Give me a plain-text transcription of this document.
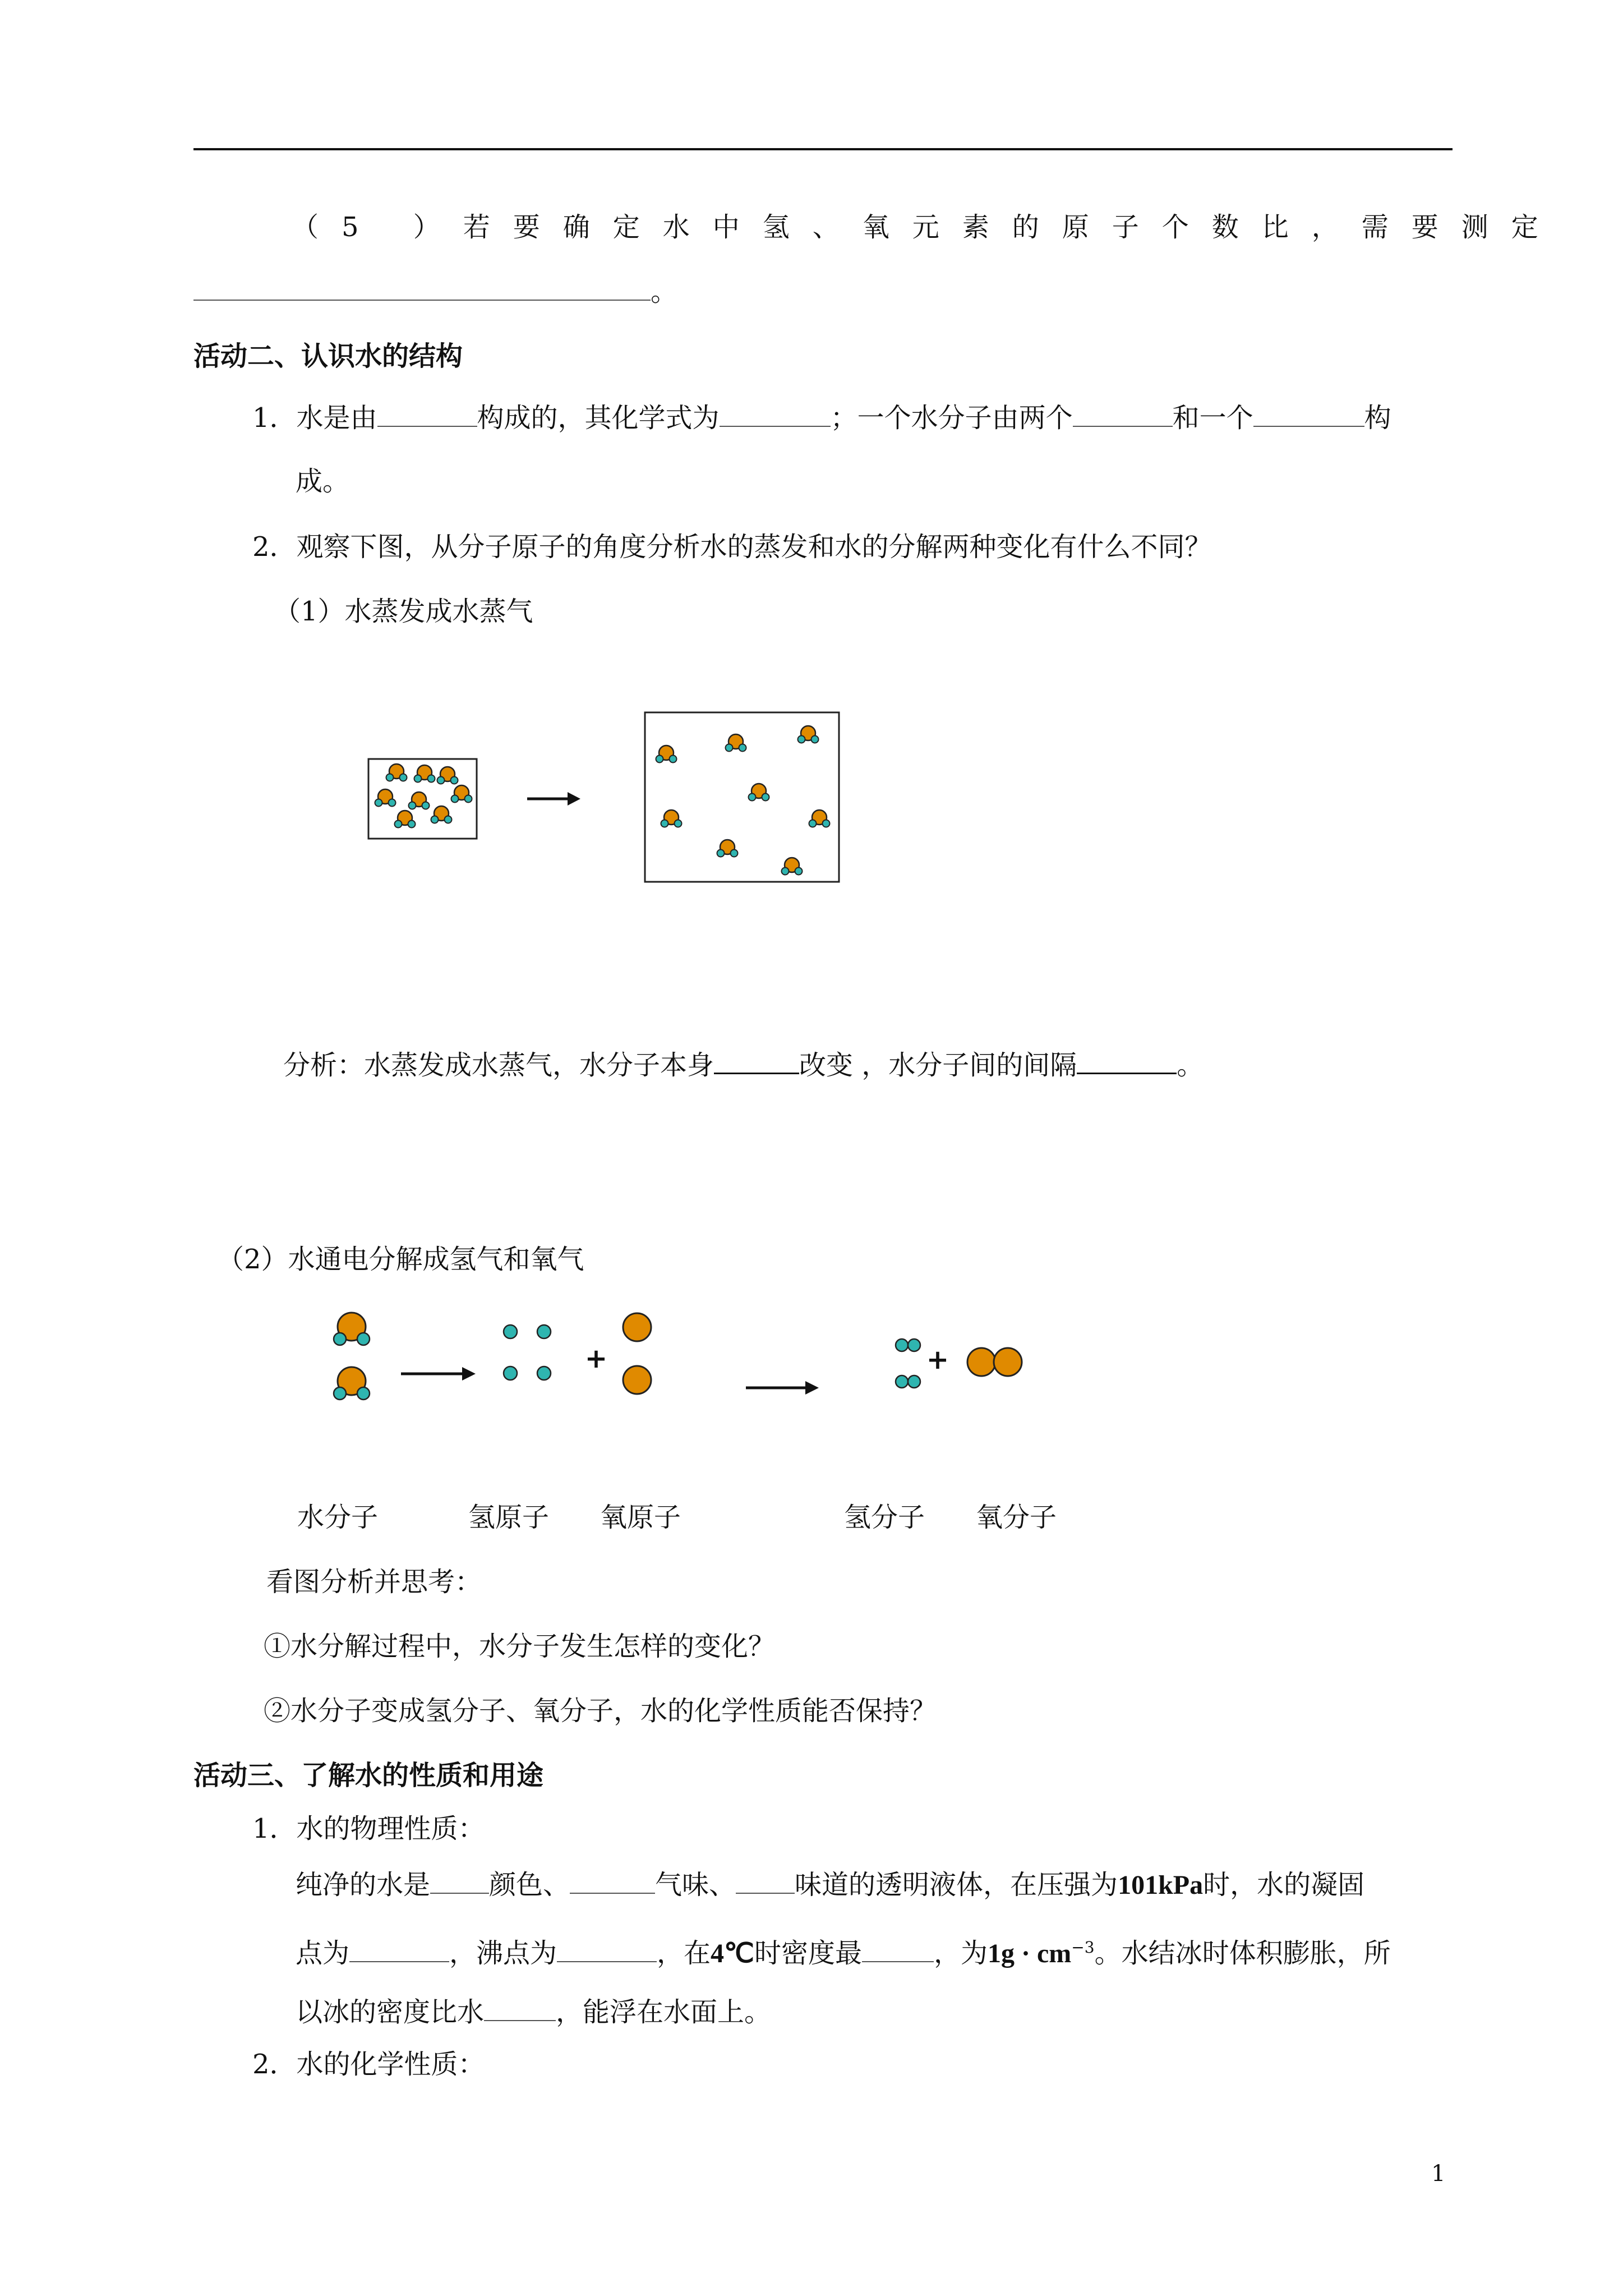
（5 ）若要确定水中氢、氧元素的原子个数比，需要测定
。
活动二、认识水的结构
1．水是由	构成的，其化学式为	；一个水分子由两个	和一个	构
成。
2．观察下图，从分子原子的角度分析水的蒸发和水的分解两种变化有什么不同？
（1）水蒸发成水蒸气
分析：水蒸发成水蒸气，水分子本身	改变 ，水分子间的间隔	。
（2）水通电分解成氢气和氧气
+	+
水分子	氢原子 氧原子	氢分子 氧分子
看图分析并思考：
①水分解过程中，水分子发生怎样的变化？
②水分子变成氢分子、氧分子，水的化学性质能否保持？
活动三、了解水的性质和用途
1．水的物理性质：
纯净的水是 颜色、	气味、 味道的透明液体，在压强为101kPa时，水的凝固
点为	，沸点为	，在4℃时密度最	，为$1g \cdot cm^{-3}$。水结冰时体积膨胀，所
以冰的密度比水	，能浮在水面上。
2．水的化学性质：
1
